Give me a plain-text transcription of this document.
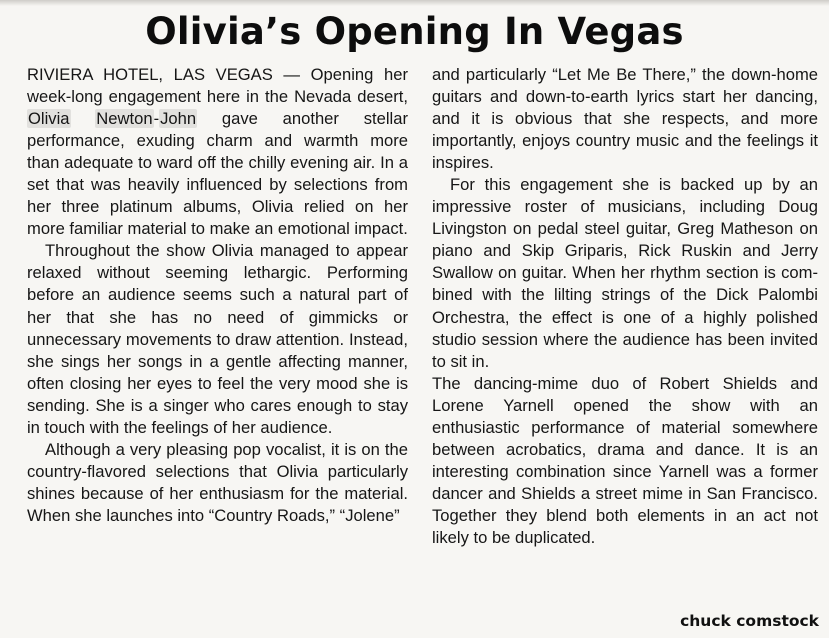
Olivia’s Opening In Vegas

RIVIERA HOTEL, LAS VEGAS — Opening her week-long engagement here in the Nevada desert, Olivia Newton-John gave another stellar performance, exuding charm and warmth more than adequate to ward off the chilly evening air. In a set that was heavily influenced by selections from her three platinum albums, Olivia relied on her more familiar material to make an emotional impact.

Throughout the show Olivia managed to appear relaxed without seeming lethargic. Performing before an audience seems such a natural part of her that she has no need of gimmicks or unnecessary movements to draw attention. Instead, she sings her songs in a gentle affecting manner, often closing her eyes to feel the very mood she is sending. She is a singer who cares enough to stay in touch with the feelings of her audience.

Although a very pleasing pop vocalist, it is on the country-flavored selections that Olivia particularly shines because of her enthusiasm for the material. When she launches into “Country Roads,” “Jolene”

and particularly “Let Me Be There,” the down-home guitars and down-to-earth lyrics start her dancing, and it is obvious that she respects, and more importantly, enjoys country music and the feelings it inspires.

For this engagement she is backed up by an impressive roster of musicians, including Doug Livingston on pedal steel guitar, Greg Matheson on piano and Skip Griparis, Rick Ruskin and Jerry Swallow on guitar. When her rhythm section is combined with the lilting strings of the Dick Palombi Orchestra, the effect is one of a highly polished studio session where the audience has been invited to sit in.

The dancing-mime duo of Robert Shields and Lorene Yarnell opened the show with an enthusiastic performance of material somewhere between acrobatics, drama and dance. It is an interesting combination since Yarnell was a former dancer and Shields a street mime in San Francisco. Together they blend both elements in an act not likely to be duplicated.

chuck comstock
